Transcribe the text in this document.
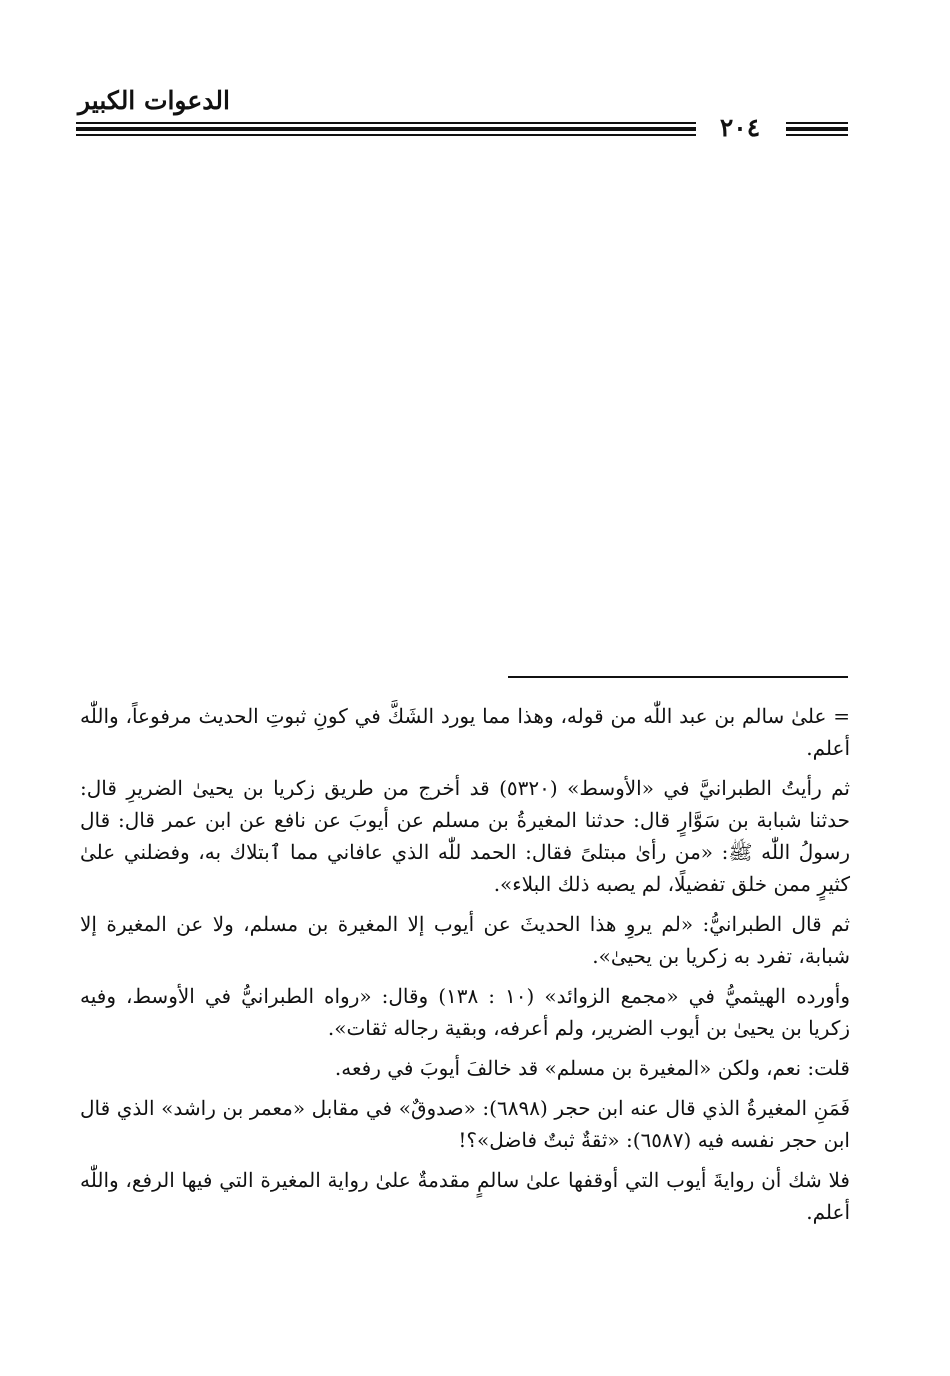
الدعوات الكبير
٢٠٤

= علىٰ سالم بن عبد اللّٰه من قوله، وهذا مما يورد الشَكَّ في كونِ ثبوتِ الحديث مرفوعاً، واللّٰه أعلم.

ثم رأيتُ الطبرانيَّ في «الأوسط» (٥٣٢٠) قد أخرج من طريق زكريا بن يحيىٰ الضريرِ قال: حدثنا شبابة بن سَوَّارٍ قال: حدثنا المغيرةُ بن مسلم عن أيوبَ عن نافع عن ابن عمر قال: قال رسولُ اللّٰه ﷺ: «من رأىٰ مبتلىً فقال: الحمد للّٰه الذي عافاني مما ٱبتلاك به، وفضلني علىٰ كثيرٍ ممن خلق تفضيلًا، لم يصبه ذلك البلاء».

ثم قال الطبرانيُّ: «لم يروِ هذا الحديثَ عن أيوب إلا المغيرة بن مسلم، ولا عن المغيرة إلا شبابة، تفرد به زكريا بن يحيىٰ».

وأورده الهيثميُّ في «مجمع الزوائد» (١٠ : ١٣٨) وقال: «رواه الطبرانيُّ في الأوسط، وفيه زكريا بن يحيىٰ بن أيوب الضرير، ولم أعرفه، وبقية رجاله ثقات».

قلت: نعم، ولكن «المغيرة بن مسلم» قد خالفَ أيوبَ في رفعه.

فَمَنِ المغيرةُ الذي قال عنه ابن حجر (٦٨٩٨): «صدوقٌ» في مقابل «معمر بن راشد» الذي قال ابن حجر نفسه فيه (٦٥٨٧): «ثقةٌ ثبتٌ فاضل»؟!

فلا شك أن روايةَ أيوب التي أوقفها علىٰ سالمٍ مقدمةٌ علىٰ رواية المغيرة التي فيها الرفع، واللّٰه أعلم.
